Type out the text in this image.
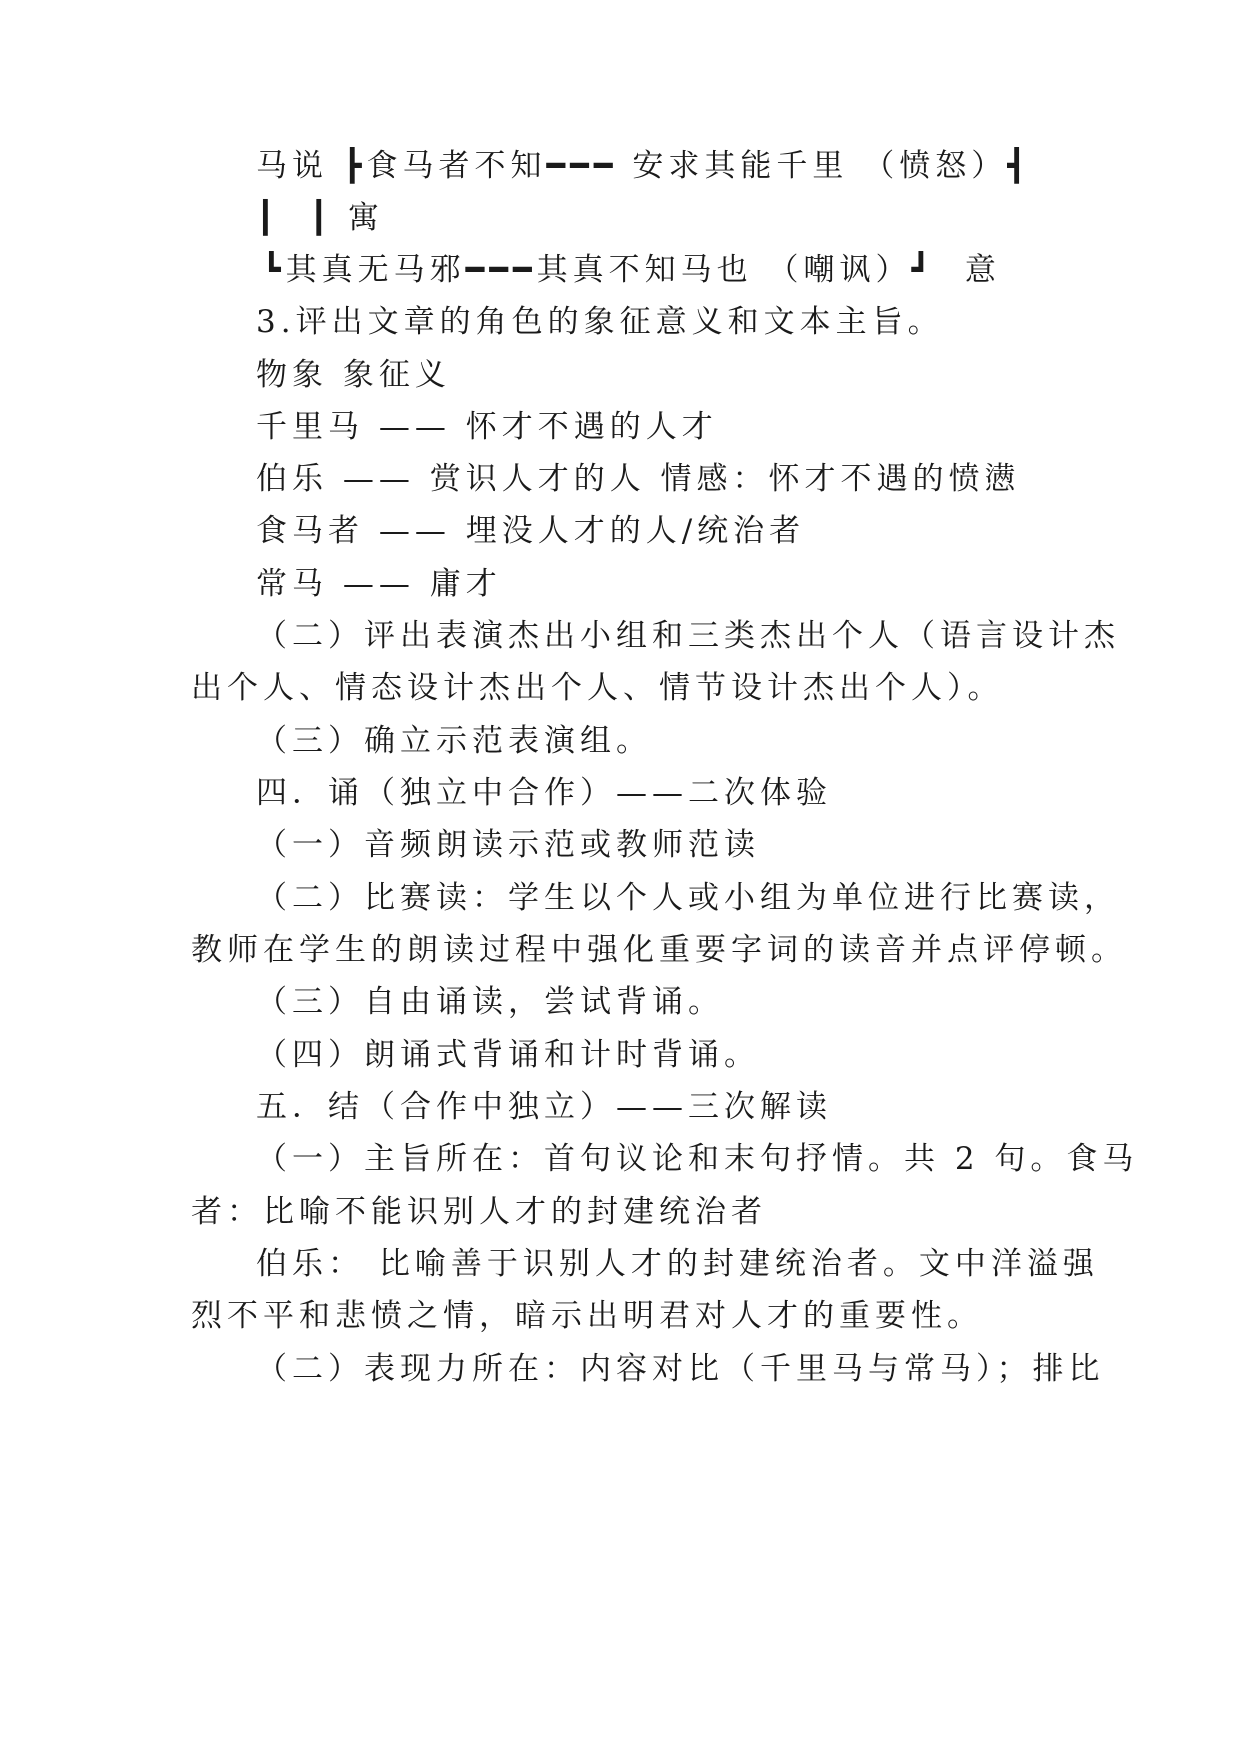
马说 ┣食马者不知━━━ 安求其能千里 （愤怒）┫
┃  ┃ 寓
┗其真无马邪━━━其真不知马也 （嘲讽）┛  意
3.评出文章的角色的象征意义和文本主旨。
物象 象征义
千里马 —— 怀才不遇的人才
伯乐 —— 赏识人才的人 情感：怀才不遇的愤懑
食马者 —— 埋没人才的人/统治者
常马 —— 庸才
（二）评出表演杰出小组和三类杰出个人（语言设计杰
出个人、情态设计杰出个人、情节设计杰出个人）。
（三）确立示范表演组。
四．诵（独立中合作）——二次体验
（一）音频朗读示范或教师范读
（二）比赛读：学生以个人或小组为单位进行比赛读，
教师在学生的朗读过程中强化重要字词的读音并点评停顿。
（三）自由诵读，尝试背诵。
（四）朗诵式背诵和计时背诵。
五．结（合作中独立）——三次解读
（一）主旨所在：首句议论和末句抒情。共 2 句。食马
者：比喻不能识别人才的封建统治者
伯乐： 比喻善于识别人才的封建统治者。文中洋溢强
烈不平和悲愤之情，暗示出明君对人才的重要性。
（二）表现力所在：内容对比（千里马与常马）；排比
